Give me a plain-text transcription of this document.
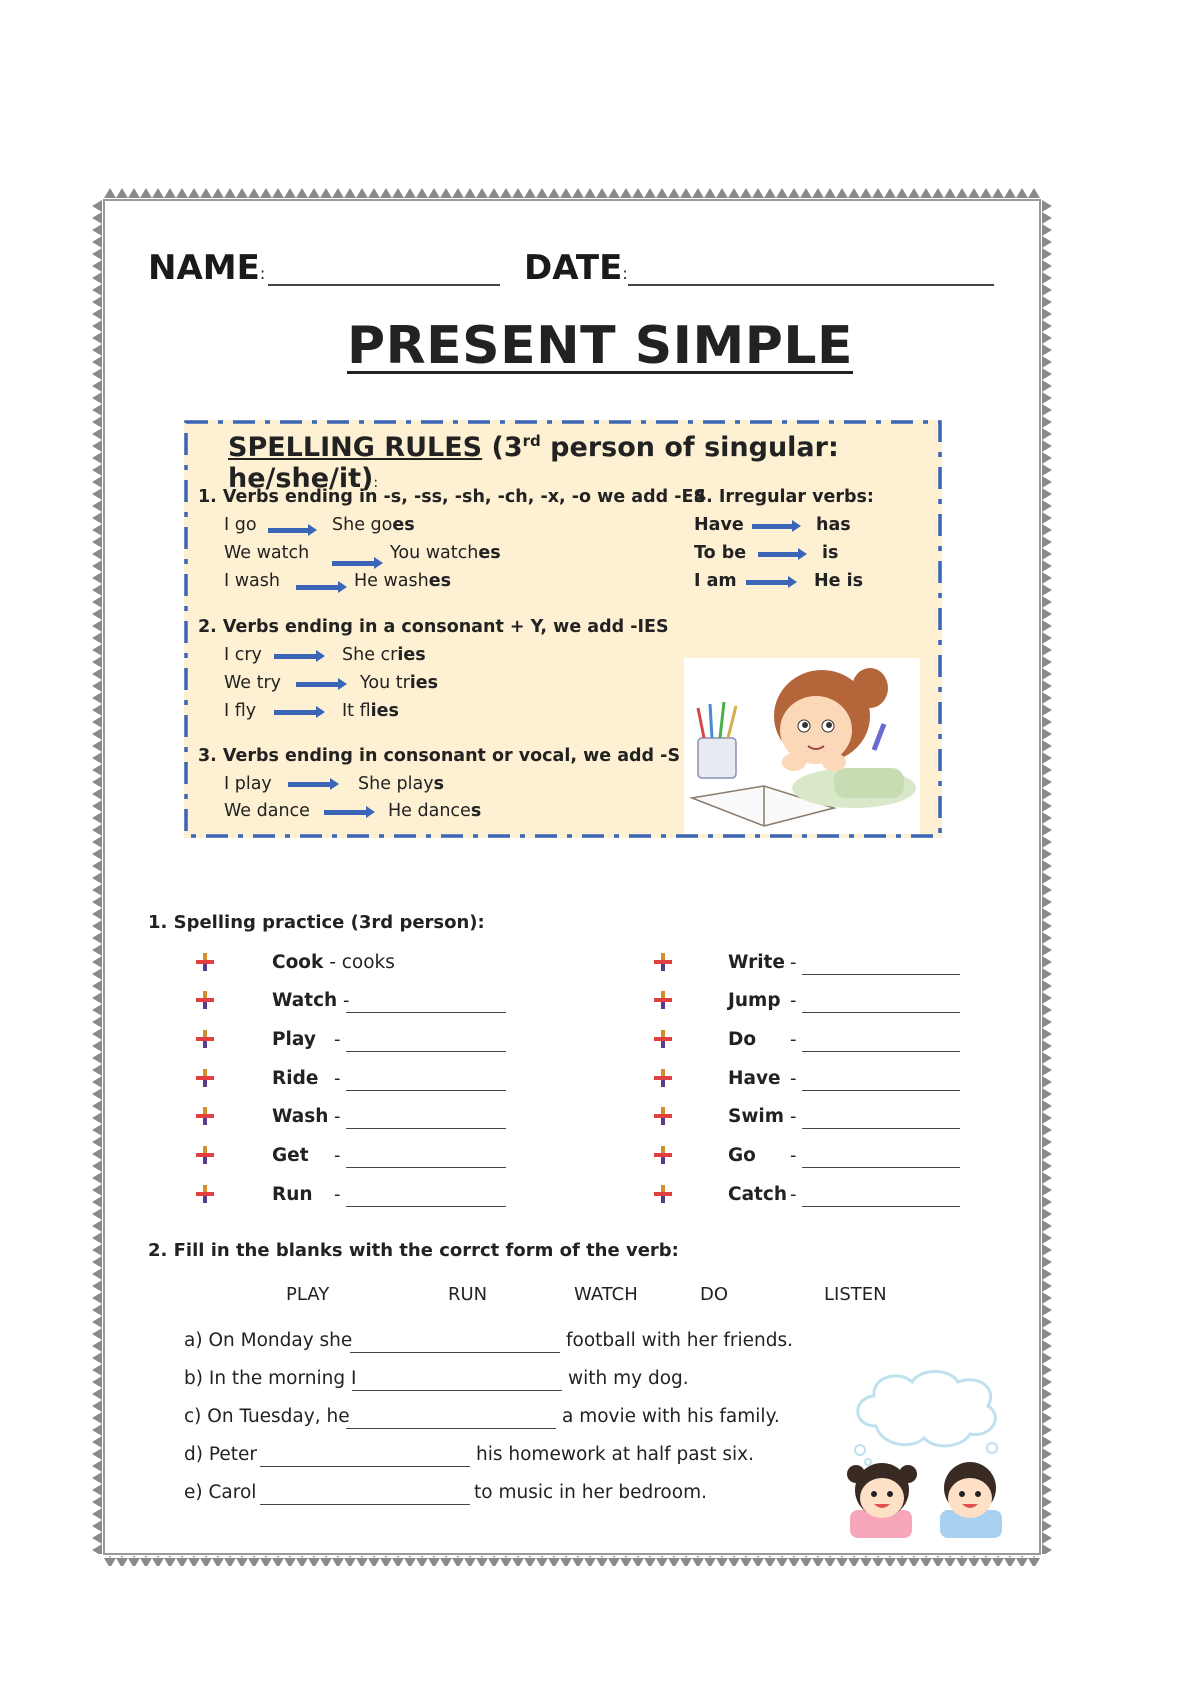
NAME:	DATE:
PRESENT SIMPLE
SPELLING RULES (3rd person of singular: he/she/it):
1. Verbs ending in -s, -ss, -sh, -ch, -x, -o we add -ES
I go	She goes
We watch	You watches
I wash	He washes
4. Irregular verbs:
Have	has
To be	is
I am	He is
2. Verbs ending in a consonant + Y, we add -IES
I cry	She cries
We try	You tries
I fly	It flies
3. Verbs ending in consonant or vocal, we add -S
I play	She plays
We dance	He dances
1. Spelling practice (3rd person):
Cook - cooks
Watch -
Play -
Ride -
Wash -
Get -
Run -
Write -
Jump -
Do -
Have -
Swim -
Go -
Catch -
2. Fill in the blanks with the corrct form of the verb:
PLAY	RUN	WATCH	DO	LISTEN
a) On Monday she	football with her friends.
b) In the morning I	with my dog.
c) On Tuesday, he	a movie with his family.
d) Peter	his homework at half past six.
e) Carol	to music in her bedroom.
